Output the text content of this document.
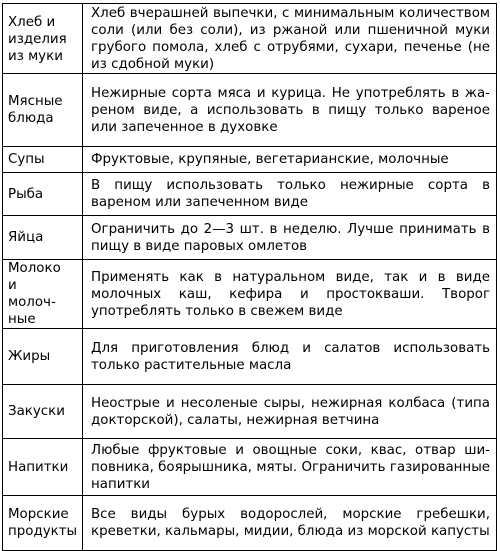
Хлеб и изделия из муки	Хлеб вчерашней выпечки, с минимальным количеством соли (или без соли), из ржаной или пшеничной муки грубого помола, хлеб с отрубями, сухари, печенье (не из сдобной муки)

Мясные блюда	Нежирные сорта мяса и курица. Не употреблять в жареном виде, а использовать в пищу только вареное или запеченное в духовке

Супы	Фруктовые, крупяные, вегетарианские, молочные

Рыба	В пищу использовать только нежирные сорта в вареном или запеченном виде

Яйца	Ограничить до 2—3 шт. в неделю. Лучше принимать в пищу в виде паровых омлетов

Молоко и молочные	Применять как в натуральном виде, так и в виде молочных каш, кефира и простокваши. Творог употреблять только в свежем виде

Жиры	Для приготовления блюд и салатов использовать только растительные масла

Закуски	Неострые и несоленые сыры, нежирная колбаса (типа докторской), салаты, нежирная ветчина

Напитки	Любые фруктовые и овощные соки, квас, отвар шиповника, боярышника, мяты. Ограничить газированные напитки

Морские продукты	Все виды бурых водорослей, морские гребешки, креветки, кальмары, мидии, блюда из морской капусты
